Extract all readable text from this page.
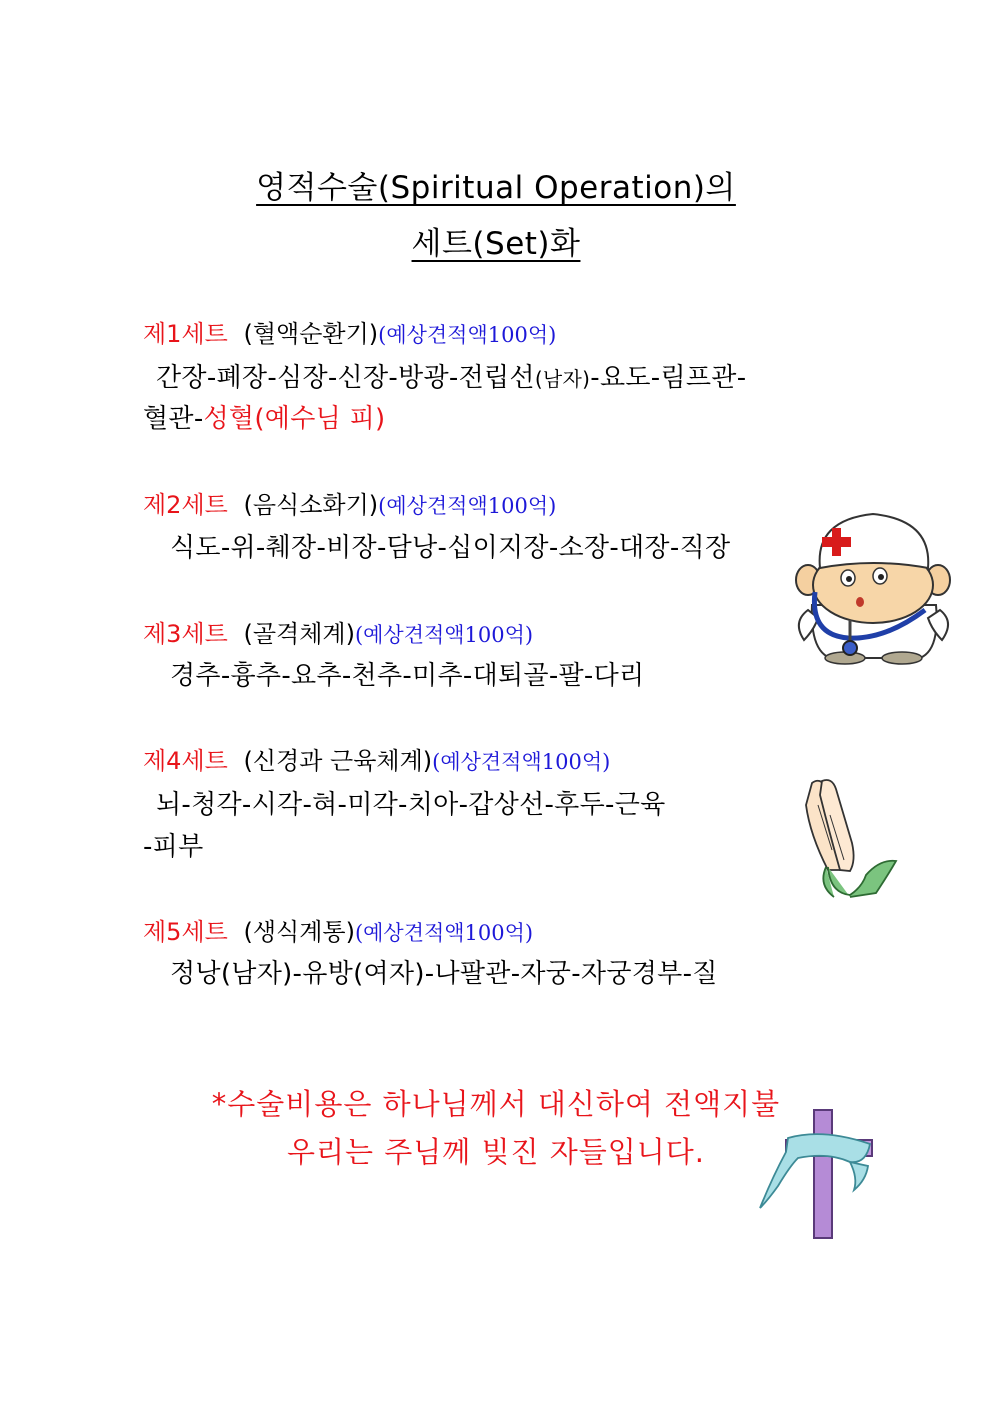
영적수술(Spiritual Operation)의
세트(Set)화
제1세트 (혈액순환기)(예상견적액100억)
간장-폐장-심장-신장-방광-전립선(남자)-요도-림프관-
혈관-성혈(예수님 피)
제2세트 (음식소화기)(예상견적액100억)
식도-위-췌장-비장-담낭-십이지장-소장-대장-직장
제3세트 (골격체계)(예상견적액100억)
경추-흉추-요추-천추-미추-대퇴골-팔-다리
제4세트 (신경과 근육체계)(예상견적액100억)
뇌-청각-시각-혀-미각-치아-갑상선-후두-근육
-피부
제5세트 (생식계통)(예상견적액100억)
정낭(남자)-유방(여자)-나팔관-자궁-자궁경부-질
*수술비용은 하나님께서 대신하여 전액지불
우리는 주님께 빚진 자들입니다.
